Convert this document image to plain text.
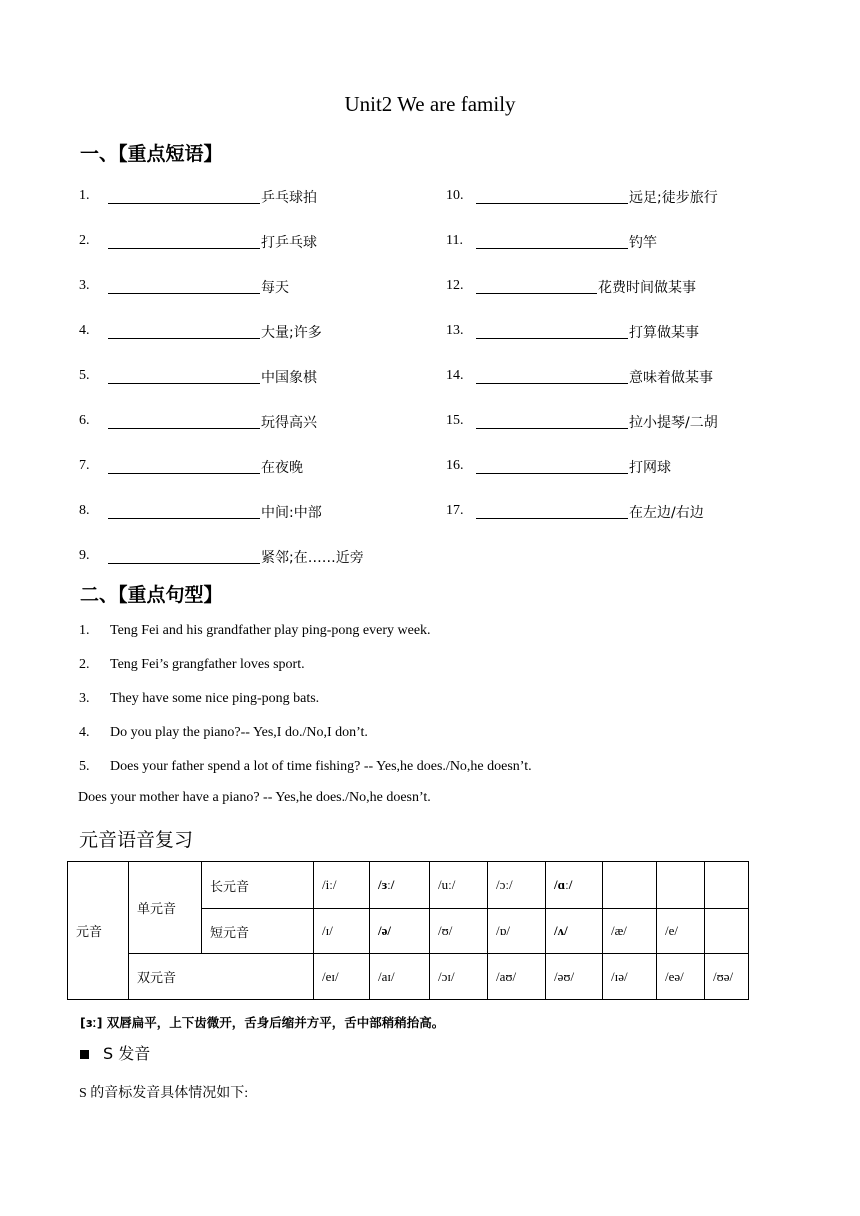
Unit2 We are family
一、【重点短语】
1.	乒乓球拍
2.	打乒乓球
3.	每天
4.	大量;许多
5.	中国象棋
6.	玩得高兴
7.	在夜晚
8.	中间:中部
9.	紧邻;在……近旁
10.	远足;徒步旅行
11.	钓竿
12.	花费时间做某事
13.	打算做某事
14.	意味着做某事
15.	拉小提琴/二胡
16.	打网球
17.	在左边/右边
二、【重点句型】
1. Teng Fei and his grandfather play ping-pong every week.
2. Teng Fei’s grangfather loves sport.
3. They have some nice ping-pong bats.
4. Do you play the piano?-- Yes,I do./No,I don’t.
5. Does your father spend a lot of time fishing? -- Yes,he does./No,he doesn’t.
Does your mother have a piano? -- Yes,he does./No,he doesn’t.
元音语音复习
元音	单元音	长元音	/iː/	/ɜː/	/uː/	/ɔː/	/ɑː/			
		短元音	/ɪ/	/ə/	/ʊ/	/ɒ/	/ʌ/	/æ/	/e/	
	双元音		/eɪ/	/aɪ/	/ɔɪ/	/aʊ/	/əʊ/	/ɪə/	/eə/	/ʊə/
[ɜː] 双唇扁平，上下齿微开，舌身后缩并方平，舌中部稍稍抬高。
S 发音
S 的音标发音具体情况如下:
